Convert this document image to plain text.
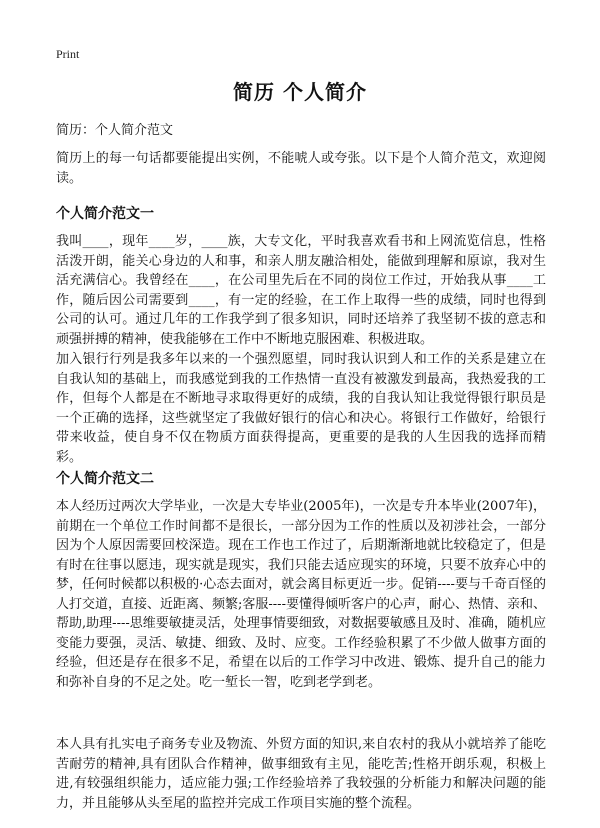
Print
简历 个人简介
简历：个人简介范文
简历上的每一句话都要能提出实例，不能唬人或夸张。以下是个人简介范文，欢迎阅读。
个人简介范文一
我叫____，现年____岁，____族，大专文化，平时我喜欢看书和上网流览信息，性格活泼开朗，能关心身边的人和事，和亲人朋友融洽相处，能做到理解和原谅，我对生活充满信心。我曾经在____，在公司里先后在不同的岗位工作过，开始我从事____工作，随后因公司需要到____，有一定的经验，在工作上取得一些的成绩，同时也得到公司的认可。通过几年的工作我学到了很多知识，同时还培养了我坚韧不拔的意志和顽强拼搏的精神，使我能够在工作中不断地克服困难、积极进取。
加入银行行列是我多年以来的一个强烈愿望，同时我认识到人和工作的关系是建立在自我认知的基础上，而我感觉到我的工作热情一直没有被激发到最高，我热爱我的工作，但每个人都是在不断地寻求取得更好的成绩，我的自我认知让我觉得银行职员是一个正确的选择，这些就坚定了我做好银行的信心和决心。将银行工作做好，给银行带来收益，使自身不仅在物质方面获得提高，更重要的是我的人生因我的选择而精彩。
个人简介范文二
本人经历过两次大学毕业，一次是大专毕业(2005年)，一次是专升本毕业(2007年)，前期在一个单位工作时间都不是很长，一部分因为工作的性质以及初涉社会，一部分因为个人原因需要回校深造。现在工作也工作过了，后期渐渐地就比较稳定了，但是有时在往事以愿违，现实就是现实，我们只能去适应现实的环境，只要不放弃心中的梦，任何时候都以积极的·心态去面对，就会离目标更近一步。促销----要与千奇百怪的人打交道，直接、近距离、频繁;客服----要懂得倾听客户的心声，耐心、热情、亲和、帮助,助理----思维要敏捷灵活，处理事情要细致，对数据要敏感且及时、准确，随机应变能力要强，灵活、敏捷、细致、及时、应变。工作经验积累了不少做人做事方面的经验，但还是存在很多不足，希望在以后的工作学习中改进、锻炼、提升自己的能力和弥补自身的不足之处。吃一堑长一智，吃到老学到老。
本人具有扎实电子商务专业及物流、外贸方面的知识,来自农村的我从小就培养了能吃苦耐劳的精神,具有团队合作精神，做事细致有主见，能吃苦;性格开朗乐观，积极上进,有较强组织能力，适应能力强;工作经验培养了我较强的分析能力和解决问题的能力，并且能够从头至尾的监控并完成工作项目实施的整个流程。
